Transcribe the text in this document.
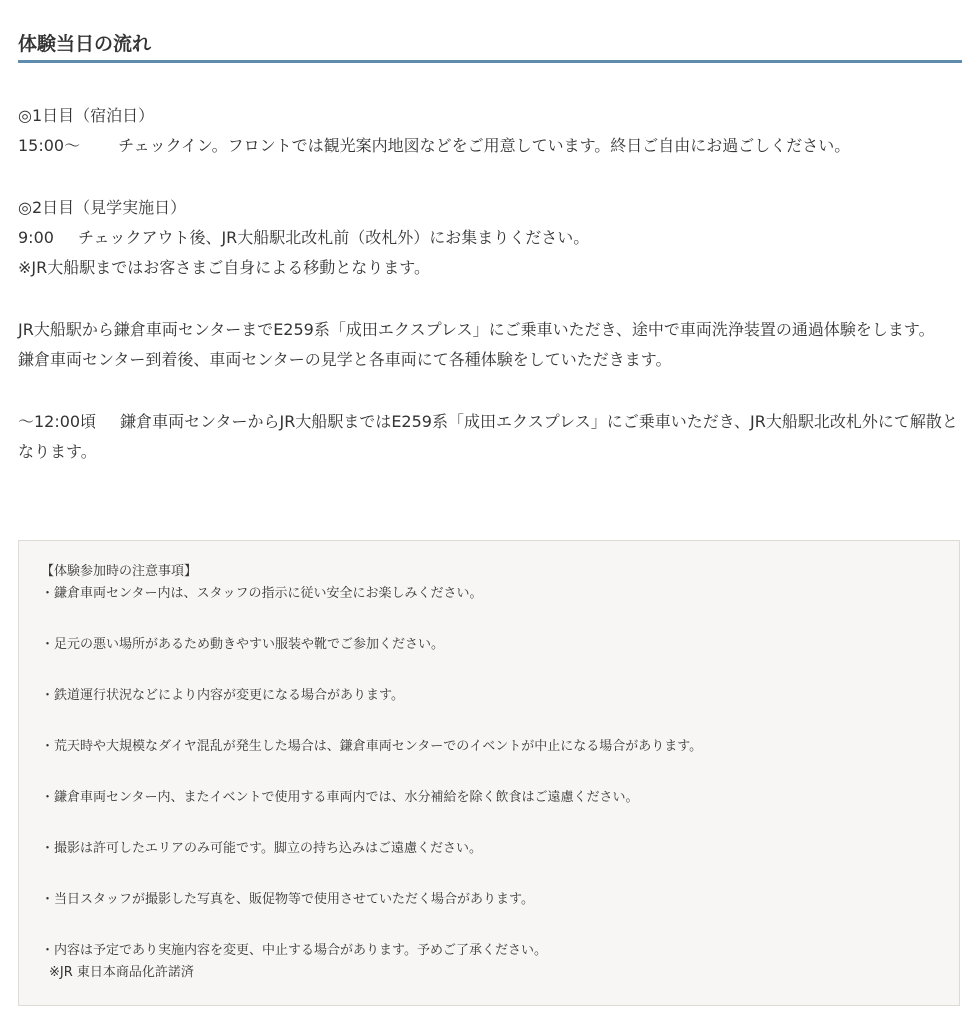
体験当日の流れ
◎1日目（宿泊日）
15:00〜 チェックイン。フロントでは観光案内地図などをご用意しています。終日ご自由にお過ごしください。
◎2日目（見学実施日）
9:00 チェックアウト後、JR大船駅北改札前（改札外）にお集まりください。
※JR大船駅まではお客さまご自身による移動となります。
JR大船駅から鎌倉車両センターまでE259系「成田エクスプレス」にご乗車いただき、途中で車両洗浄装置の通過体験をします。
鎌倉車両センター到着後、車両センターの見学と各車両にて各種体験をしていただきます。
〜12:00頃 鎌倉車両センターからJR大船駅まではE259系「成田エクスプレス」にご乗車いただき、JR大船駅北改札外にて解散となります。
【体験参加時の注意事項】
・鎌倉車両センター内は、スタッフの指示に従い安全にお楽しみください。
・足元の悪い場所があるため動きやすい服装や靴でご参加ください。
・鉄道運行状況などにより内容が変更になる場合があります。
・荒天時や大規模なダイヤ混乱が発生した場合は、鎌倉車両センターでのイベントが中止になる場合があります。
・鎌倉車両センター内、またイベントで使用する車両内では、水分補給を除く飲食はご遠慮ください。
・撮影は許可したエリアのみ可能です。脚立の持ち込みはご遠慮ください。
・当日スタッフが撮影した写真を、販促物等で使用させていただく場合があります。
・内容は予定であり実施内容を変更、中止する場合があります。予めご了承ください。
※JR 東日本商品化許諾済
